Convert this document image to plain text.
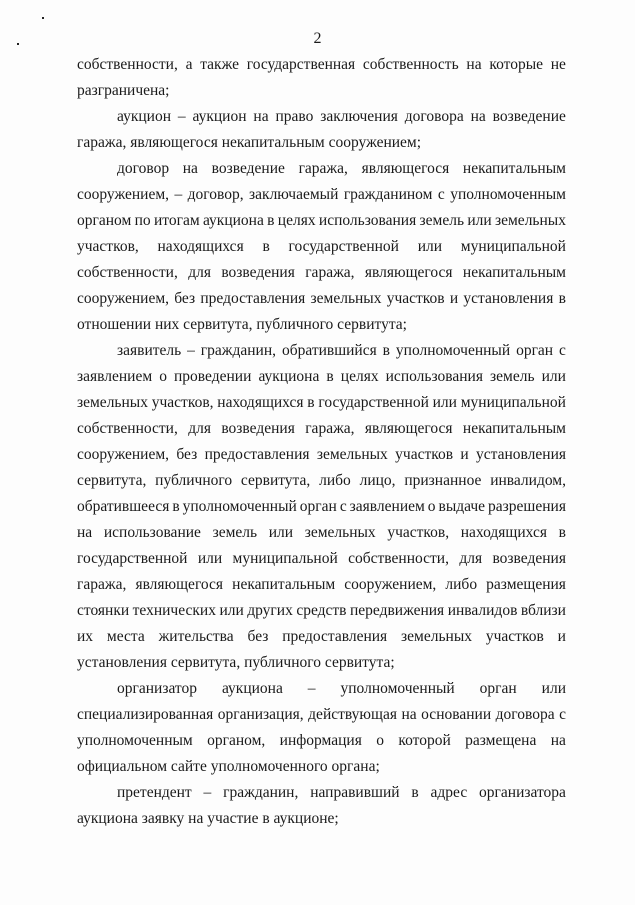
2
собственности, а также государственная собственность на которые не
разграничена;
аукцион – аукцион на право заключения договора на возведение
гаража, являющегося некапитальным сооружением;
договор на возведение гаража, являющегося некапитальным
сооружением, – договор, заключаемый гражданином с уполномоченным
органом по итогам аукциона в целях использования земель или земельных
участков, находящихся в государственной или муниципальной
собственности, для возведения гаража, являющегося некапитальным
сооружением, без предоставления земельных участков и установления в
отношении них сервитута, публичного сервитута;
заявитель – гражданин, обратившийся в уполномоченный орган с
заявлением о проведении аукциона в целях использования земель или
земельных участков, находящихся в государственной или муниципальной
собственности, для возведения гаража, являющегося некапитальным
сооружением, без предоставления земельных участков и установления
сервитута, публичного сервитута, либо лицо, признанное инвалидом,
обратившееся в уполномоченный орган с заявлением о выдаче разрешения
на использование земель или земельных участков, находящихся в
государственной или муниципальной собственности, для возведения
гаража, являющегося некапитальным сооружением, либо размещения
стоянки технических или других средств передвижения инвалидов вблизи
их места жительства без предоставления земельных участков и
установления сервитута, публичного сервитута;
организатор аукциона – уполномоченный орган или
специализированная организация, действующая на основании договора с
уполномоченным органом, информация о которой размещена на
официальном сайте уполномоченного органа;
претендент – гражданин, направивший в адрес организатора
аукциона заявку на участие в аукционе;
